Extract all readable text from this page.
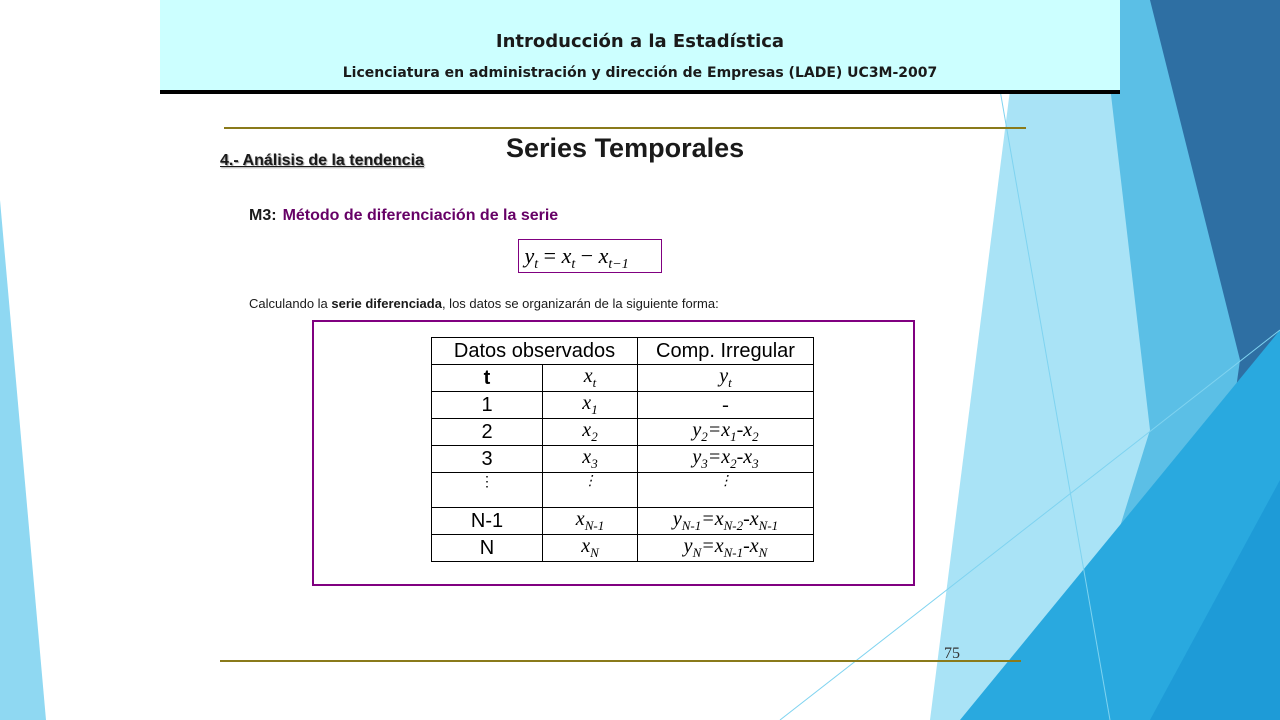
Introducción a la Estadística
Licenciatura en administración y dirección de Empresas (LADE) UC3M-2007
Series Temporales
4.- Análisis de la tendencia
M3: Método de diferenciación de la serie
$y_t = x_t - x_{t-1}$
Calculando la serie diferenciada, los datos se organizarán de la siguiente forma:
Datos observados		Comp. Irregular
t	$x_t$	$y_t$
1	$x_1$	-
2	$x_2$	$y_2=x_1-x_2$
3	$x_3$	$y_3=x_2-x_3$
⋮	⋮	⋮
N-1	$x_{N-1}$	$y_{N-1}=x_{N-2}-x_{N-1}$
N	$x_N$	$y_N=x_{N-1}-x_N$
75
